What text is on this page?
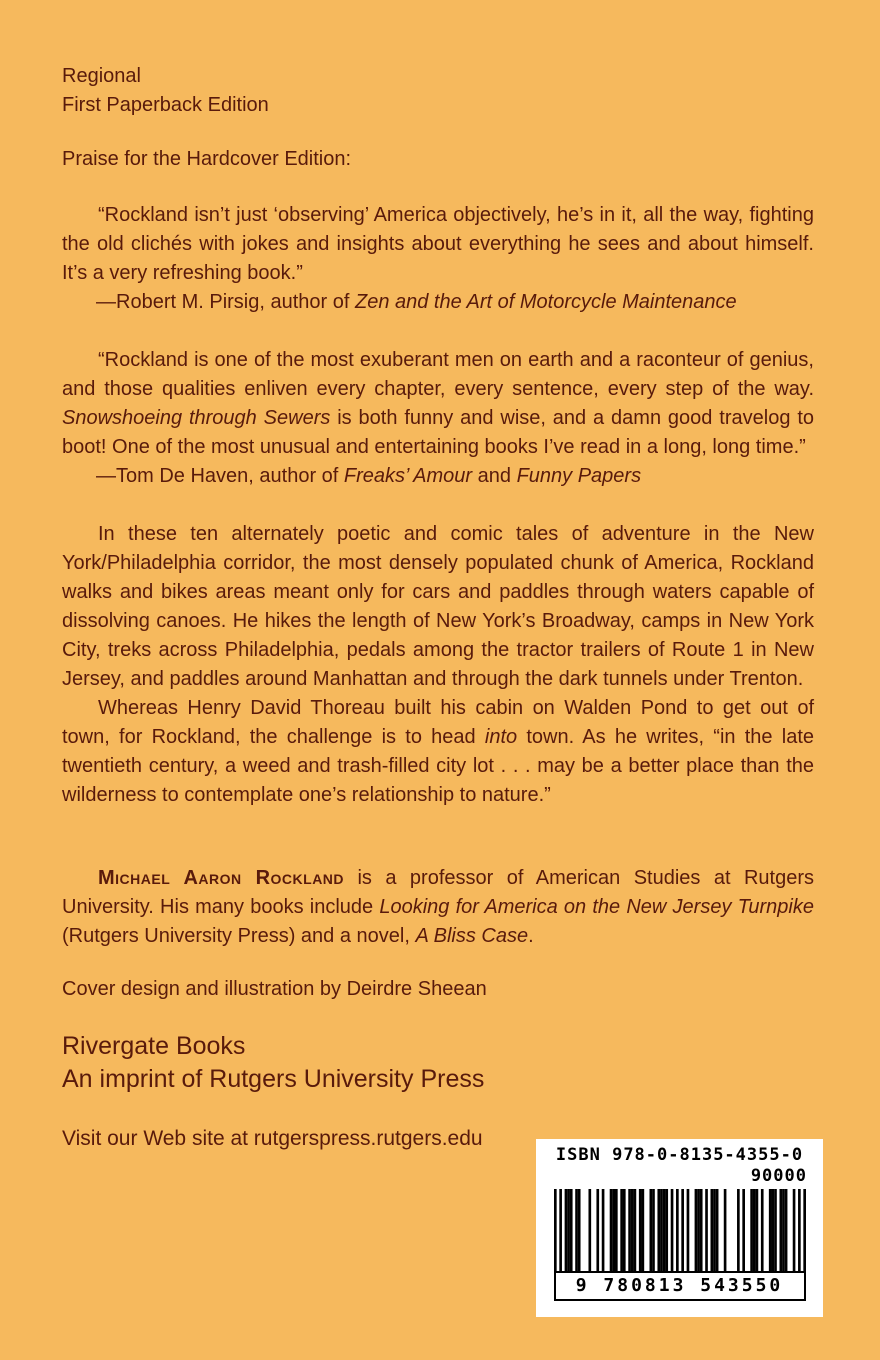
Regional
First Paperback Edition
Praise for the Hardcover Edition:

“Rockland isn’t just ‘observing’ America objectively, he’s in it, all the way, fighting the old clichés with jokes and insights about everything he sees and about himself. It’s a very refreshing book.”

—Robert M. Pirsig, author of Zen and the Art of Motorcycle Maintenance

“Rockland is one of the most exuberant men on earth and a raconteur of genius, and those qualities enliven every chapter, every sentence, every step of the way. Snowshoeing through Sewers is both funny and wise, and a damn good travelog to boot! One of the most unusual and entertaining books I’ve read in a long, long time.”

—Tom De Haven, author of Freaks’ Amour and Funny Papers

In these ten alternately poetic and comic tales of adventure in the New York/Philadelphia corridor, the most densely populated chunk of America, Rockland walks and bikes areas meant only for cars and paddles through waters capable of dissolving canoes. He hikes the length of New York’s Broadway, camps in New York City, treks across Philadelphia, pedals among the tractor trailers of Route 1 in New Jersey, and paddles around Manhattan and through the dark tunnels under Trenton.

Whereas Henry David Thoreau built his cabin on Walden Pond to get out of town, for Rockland, the challenge is to head into town. As he writes, “in the late twentieth century, a weed and trash-filled city lot . . . may be a better place than the wilderness to contemplate one’s relationship to nature.”

Michael Aaron Rockland is a professor of American Studies at Rutgers University. His many books include Looking for America on the New Jersey Turnpike (Rutgers University Press) and a novel, A Bliss Case.

Cover design and illustration by Deirdre Sheean

Rivergate Books
An imprint of Rutgers University Press

Visit our Web site at rutgerspress.rutgers.edu

ISBN 978-0-8135-4355-0
90000
9 780813 543550
